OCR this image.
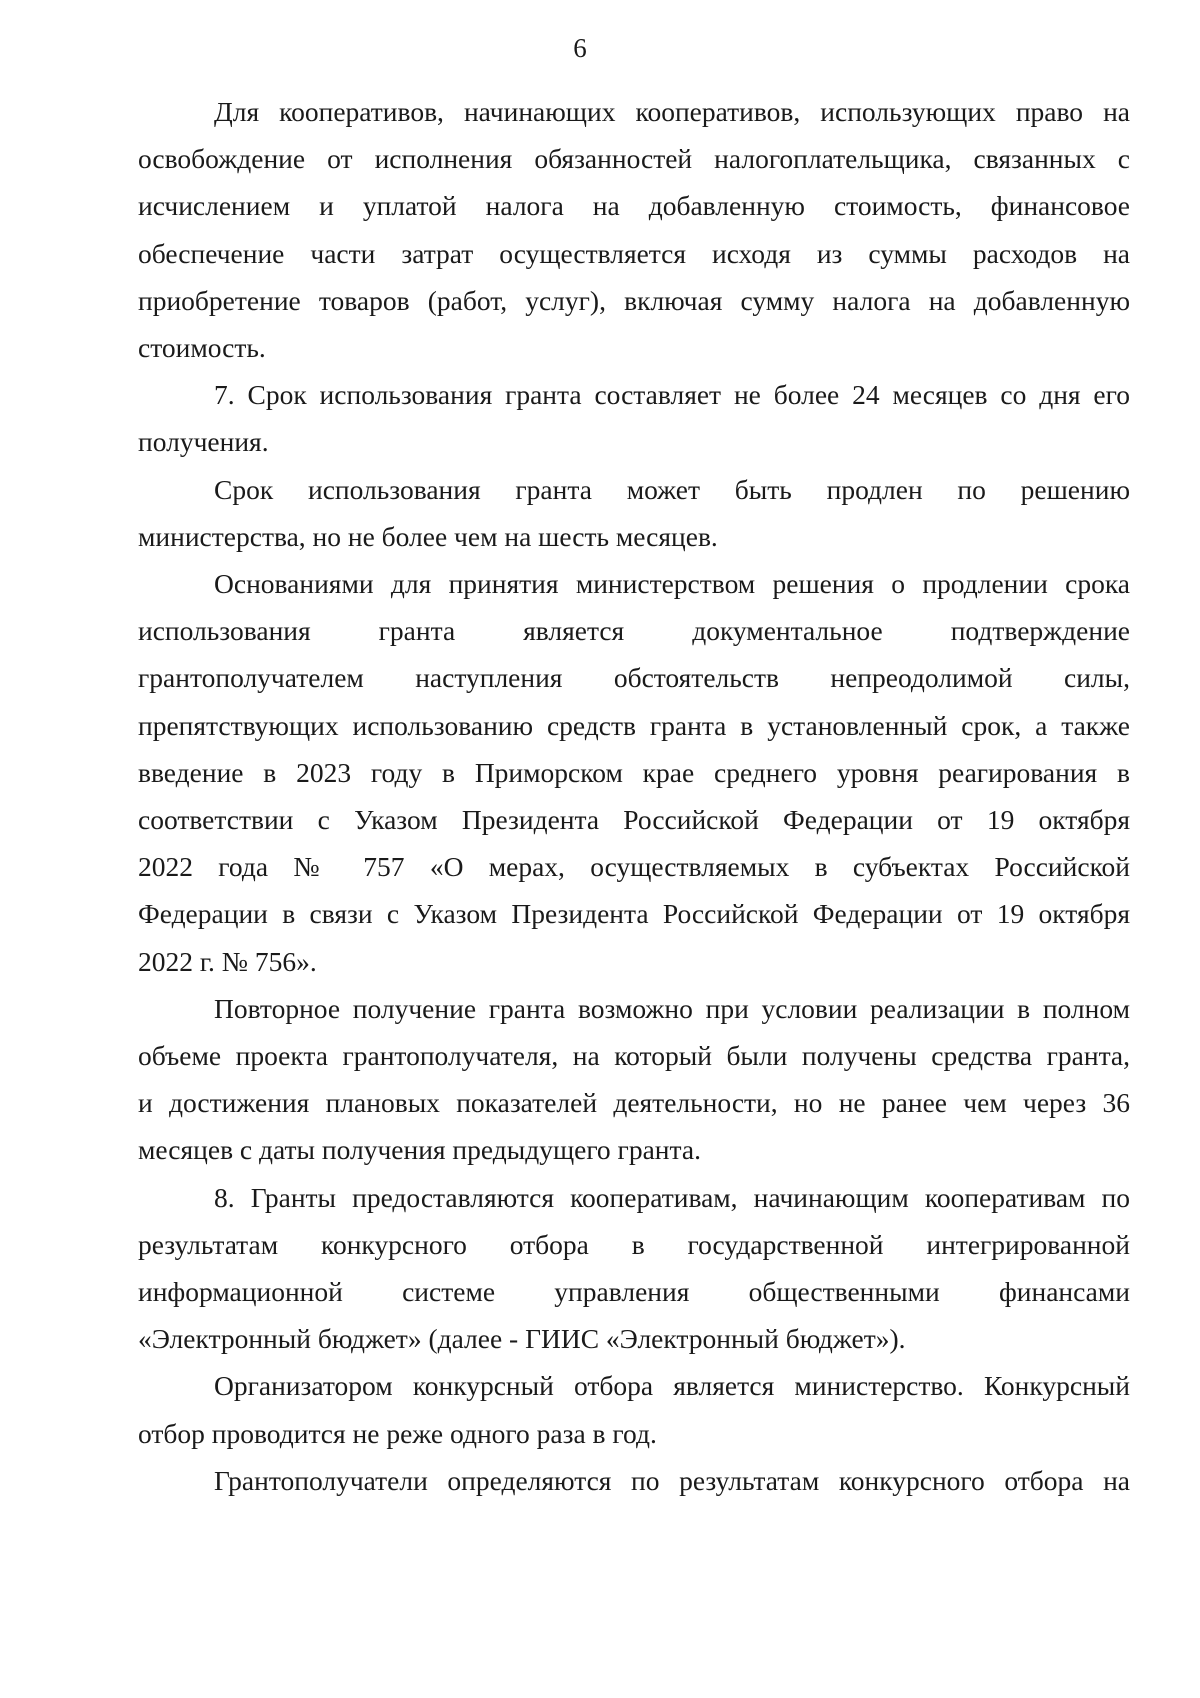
6
Для кооперативов, начинающих кооперативов, использующих право на
освобождение от исполнения обязанностей налогоплательщика, связанных с
исчислением и уплатой налога на добавленную стоимость, финансовое
обеспечение части затрат осуществляется исходя из суммы расходов на
приобретение товаров (работ, услуг), включая сумму налога на добавленную
стоимость.
7. Срок использования гранта составляет не более 24 месяцев со дня его
получения.
Срок использования гранта может быть продлен по решению
министерства, но не более чем на шесть месяцев.
Основаниями для принятия министерством решения о продлении срока
использования гранта является документальное подтверждение
грантополучателем наступления обстоятельств непреодолимой силы,
препятствующих использованию средств гранта в установленный срок, а также
введение в 2023 году в Приморском крае среднего уровня реагирования в
соответствии с Указом Президента Российской Федерации от 19 октября
2022 года № 757 «О мерах, осуществляемых в субъектах Российской
Федерации в связи с Указом Президента Российской Федерации от 19 октября
2022 г. № 756».
Повторное получение гранта возможно при условии реализации в полном
объеме проекта грантополучателя, на который были получены средства гранта,
и достижения плановых показателей деятельности, но не ранее чем через 36
месяцев с даты получения предыдущего гранта.
8. Гранты предоставляются кооперативам, начинающим кооперативам по
результатам конкурсного отбора в государственной интегрированной
информационной системе управления общественными финансами
«Электронный бюджет» (далее - ГИИС «Электронный бюджет»).
Организатором конкурсный отбора является министерство. Конкурсный
отбор проводится не реже одного раза в год.
Грантополучатели определяются по результатам конкурсного отбора на
